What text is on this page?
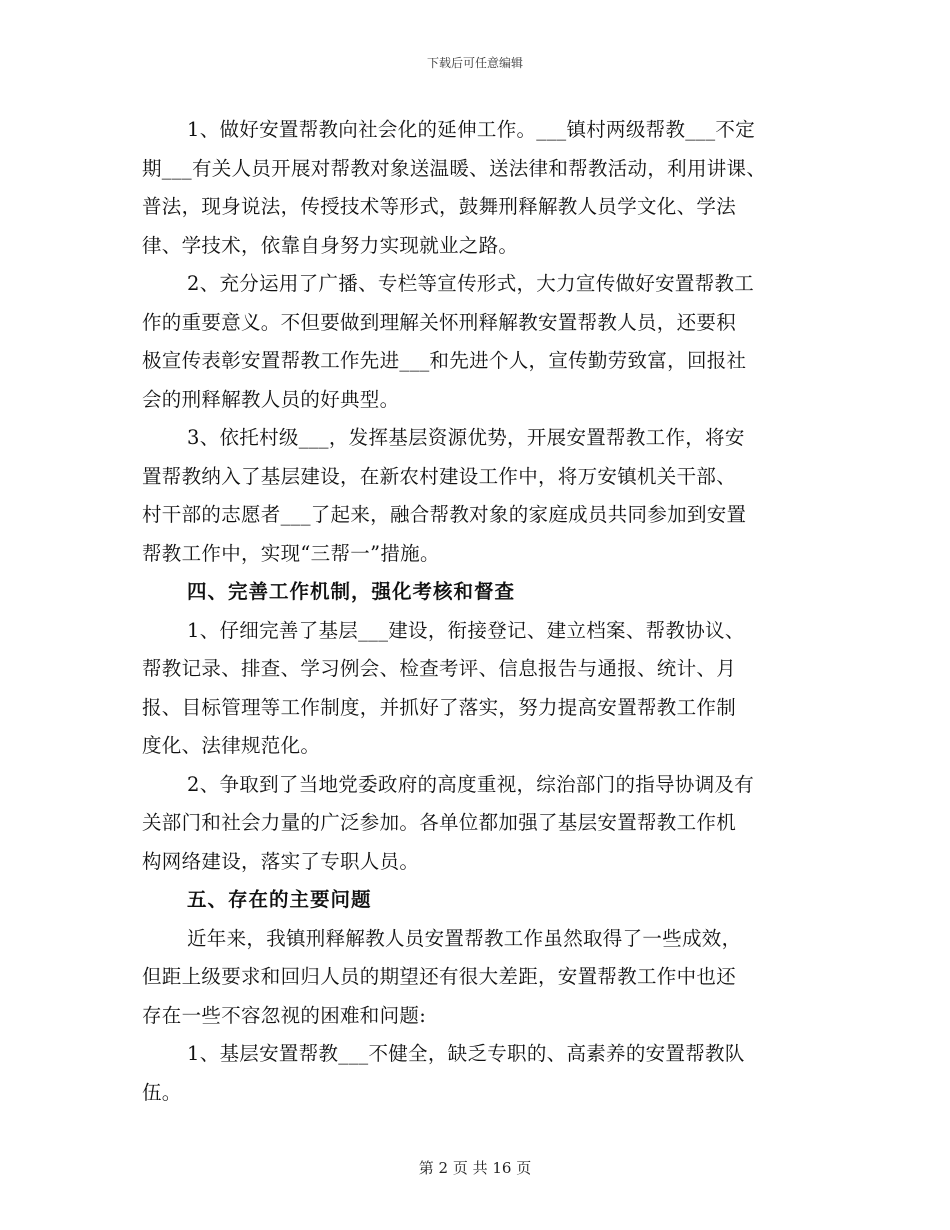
下载后可任意编辑
1、做好安置帮教向社会化的延伸工作。___镇村两级帮教___不定
期___有关人员开展对帮教对象送温暖、送法律和帮教活动，利用讲课、
普法，现身说法，传授技术等形式，鼓舞刑释解教人员学文化、学法
律、学技术，依靠自身努力实现就业之路。
2、充分运用了广播、专栏等宣传形式，大力宣传做好安置帮教工
作的重要意义。不但要做到理解关怀刑释解教安置帮教人员，还要积
极宣传表彰安置帮教工作先进___和先进个人，宣传勤劳致富，回报社
会的刑释解教人员的好典型。
3、依托村级___，发挥基层资源优势，开展安置帮教工作，将安
置帮教纳入了基层建设，在新农村建设工作中，将万安镇机关干部、
村干部的志愿者___了起来，融合帮教对象的家庭成员共同参加到安置
帮教工作中，实现“三帮一”措施。
四、完善工作机制，强化考核和督查
1、仔细完善了基层___建设，衔接登记、建立档案、帮教协议、
帮教记录、排查、学习例会、检查考评、信息报告与通报、统计、月
报、目标管理等工作制度，并抓好了落实，努力提高安置帮教工作制
度化、法律规范化。
2、争取到了当地党委政府的高度重视，综治部门的指导协调及有
关部门和社会力量的广泛参加。各单位都加强了基层安置帮教工作机
构网络建设，落实了专职人员。
五、存在的主要问题
近年来，我镇刑释解教人员安置帮教工作虽然取得了一些成效，
但距上级要求和回归人员的期望还有很大差距，安置帮教工作中也还
存在一些不容忽视的困难和问题:
1、基层安置帮教___不健全，缺乏专职的、高素养的安置帮教队
伍。
第 2 页 共 16 页
